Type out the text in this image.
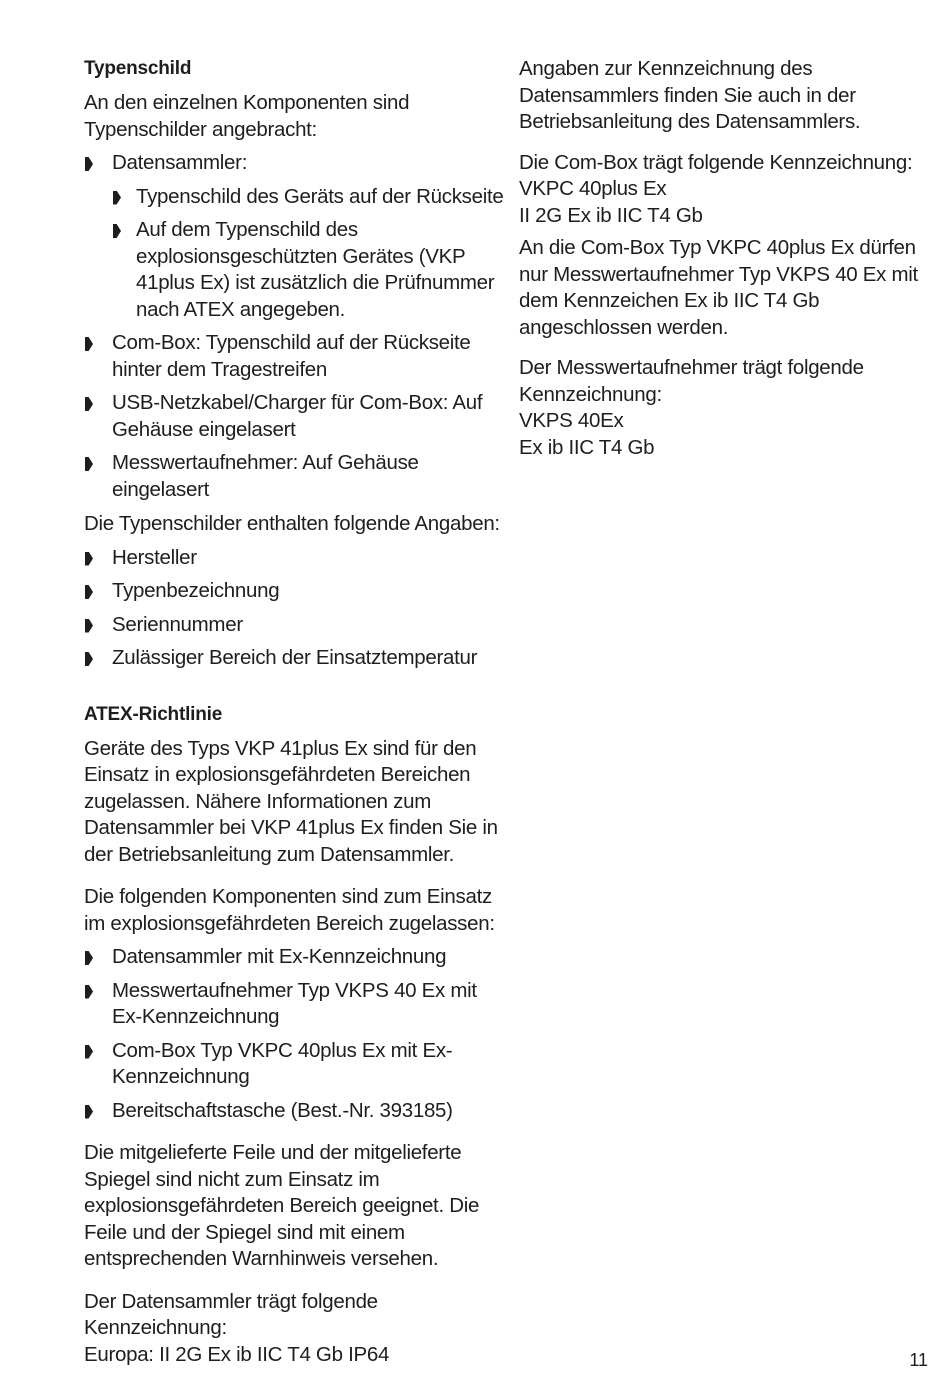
Typenschild

An den einzelnen Komponenten sind Typenschilder angebracht:

Datensammler:
Typenschild des Geräts auf der Rückseite
Auf dem Typenschild des explosionsgeschützten Gerätes (VKP 41plus Ex) ist zusätzlich die Prüfnummer nach ATEX angegeben.
Com-Box: Typenschild auf der Rückseite hinter dem Tragestreifen
USB-Netzkabel/Charger für Com-Box: Auf Gehäuse eingelasert
Messwertaufnehmer: Auf Gehäuse eingelasert

Die Typenschilder enthalten folgende Angaben:

Hersteller
Typenbezeichnung
Seriennummer
Zulässiger Bereich der Einsatztemperatur
ATEX-Richtlinie

Geräte des Typs VKP 41plus Ex sind für den Einsatz in explosionsgefährdeten Bereichen zugelassen. Nähere Informationen zum Datensammler bei VKP 41plus Ex finden Sie in der Betriebsanleitung zum Datensammler.

Die folgenden Komponenten sind zum Einsatz im explosionsgefährdeten Bereich zugelassen:

Datensammler mit Ex-Kennzeichnung
Messwertaufnehmer Typ VKPS 40 Ex mit Ex-Kennzeichnung
Com-Box Typ VKPC 40plus Ex mit Ex-Kennzeichnung
Bereitschaftstasche (Best.-Nr. 393185)

Die mitgelieferte Feile und der mitgelieferte Spiegel sind nicht zum Einsatz im explosionsgefährdeten Bereich geeignet. Die Feile und der Spiegel sind mit einem entsprechenden Warnhinweis versehen.

Der Datensammler trägt folgende Kennzeichnung:
Europa: II 2G Ex ib IIC T4 Gb IP64

Angaben zur Kennzeichnung des Datensammlers finden Sie auch in der Betriebsanleitung des Datensammlers.

Die Com-Box trägt folgende Kennzeichnung:
VKPC 40plus Ex
II 2G Ex ib IIC T4 Gb

An die Com-Box Typ VKPC 40plus Ex dürfen nur Messwertaufnehmer Typ VKPS 40 Ex mit dem Kennzeichen Ex ib IIC T4 Gb angeschlossen werden.

Der Messwertaufnehmer trägt folgende Kennzeichnung:
VKPS 40Ex
Ex ib IIC T4 Gb

11
